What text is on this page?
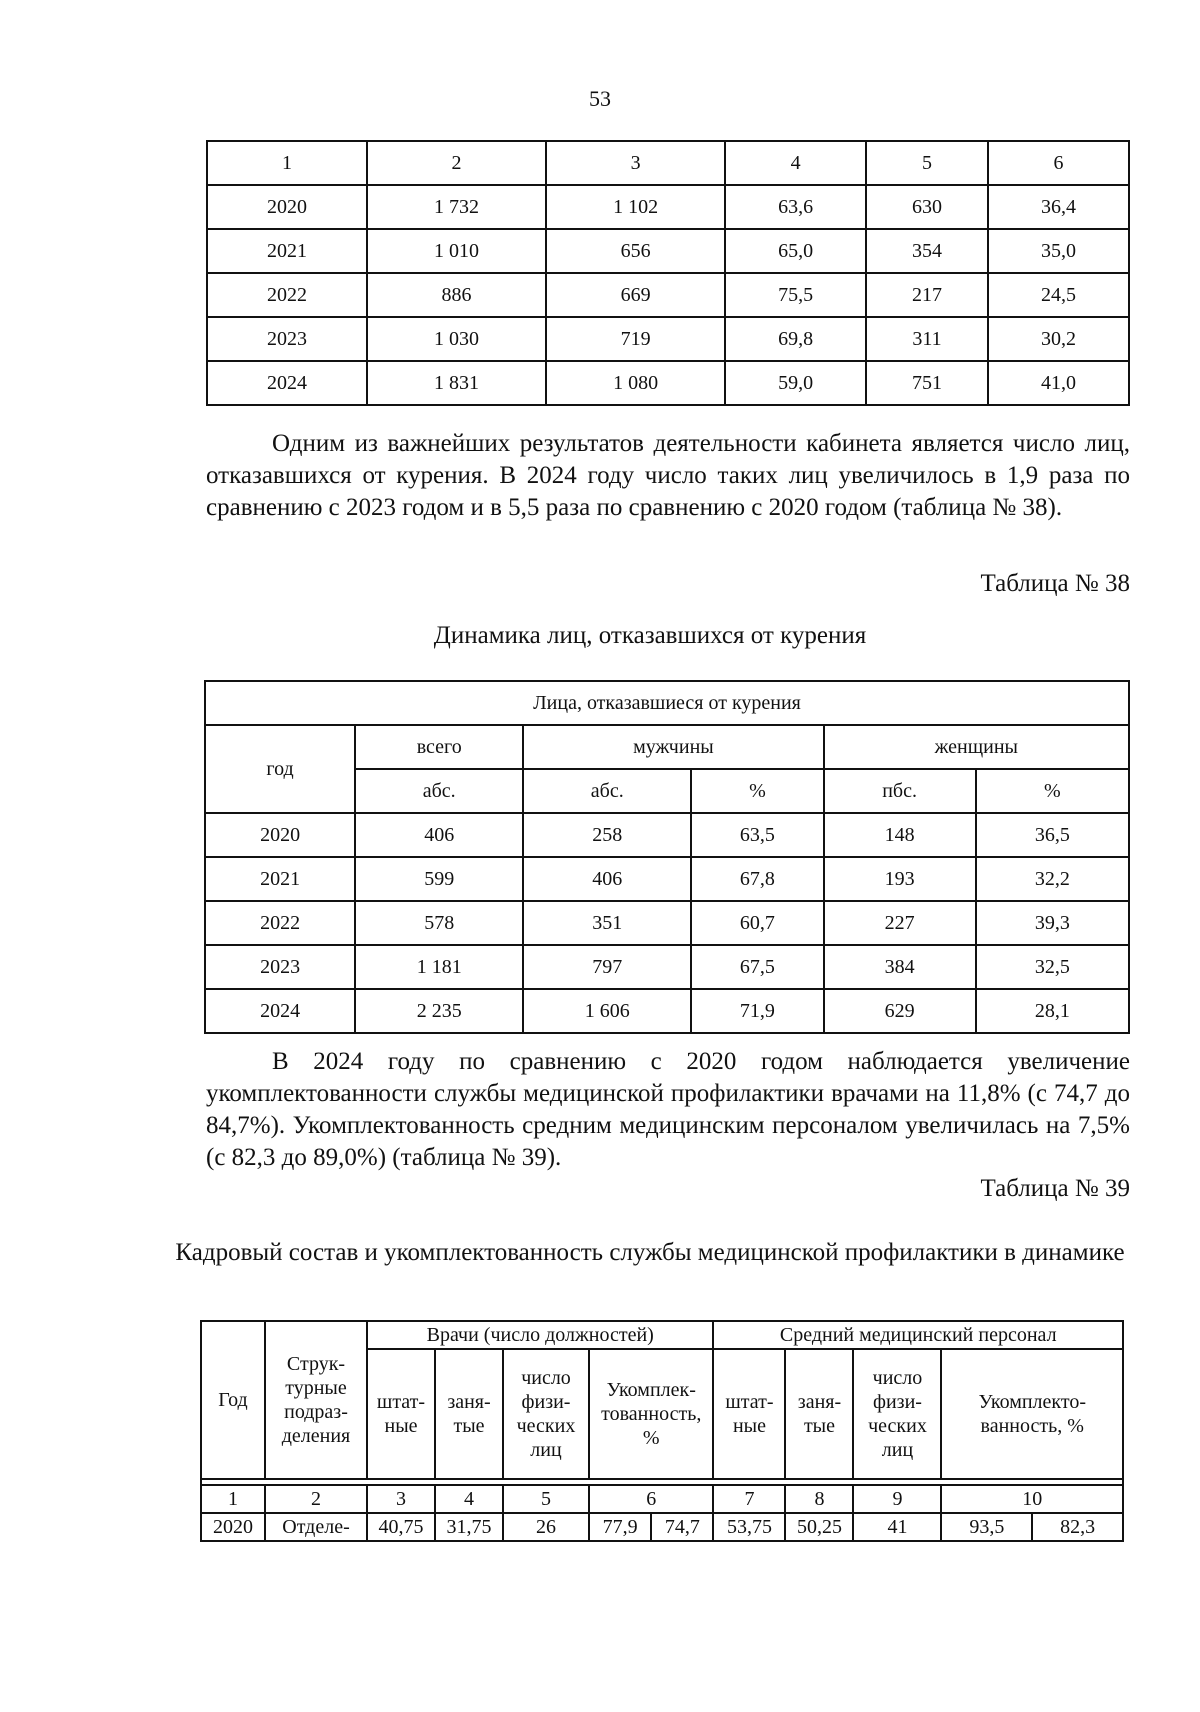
53
1	2	3	4	5	6
2020	1 732	1 102	63,6	630	36,4
2021	1 010	656	65,0	354	35,0
2022	886	669	75,5	217	24,5
2023	1 030	719	69,8	311	30,2
2024	1 831	1 080	59,0	751	41,0
Одним из важнейших результатов деятельности кабинета является число лиц, отказавшихся от курения. В 2024 году число таких лиц увеличилось в 1,9 раза по сравнению с 2023 годом и в 5,5 раза по сравнению с 2020 годом (таблица № 38).
Таблица № 38
Динамика лиц, отказавшихся от курения
Лица, отказавшиеся от курения					
год	всего	мужчины		женщины	
	абс.	абс.	%	пбс.	%
2020	406	258	63,5	148	36,5
2021	599	406	67,8	193	32,2
2022	578	351	60,7	227	39,3
2023	1 181	797	67,5	384	32,5
2024	2 235	1 606	71,9	629	28,1
В 2024 году по сравнению с 2020 годом наблюдается увеличение укомплектованности службы медицинской профилактики врачами на 11,8% (с 74,7 до 84,7%). Укомплектованность средним медицинским персоналом увеличилась на 7,5% (с 82,3 до 89,0%) (таблица № 39).
Таблица № 39
Кадровый состав и укомплектованность службы медицинской профилактики в динамике
Год	Струк-турные подраз-деления	Врачи (число должностей)					Средний медицинский персонал				
		штат-ные	заня-тые	число физи-ческих лиц	Укомплек-тованность, %		штат-ные	заня-тые	число физи-ческих лиц	Укомплекто-ванность, %	

1	2	3	4	5	6		7	8	9	10	
2020	Отделе-	40,75	31,75	26	77,9	74,7	53,75	50,25	41	93,5	82,3
